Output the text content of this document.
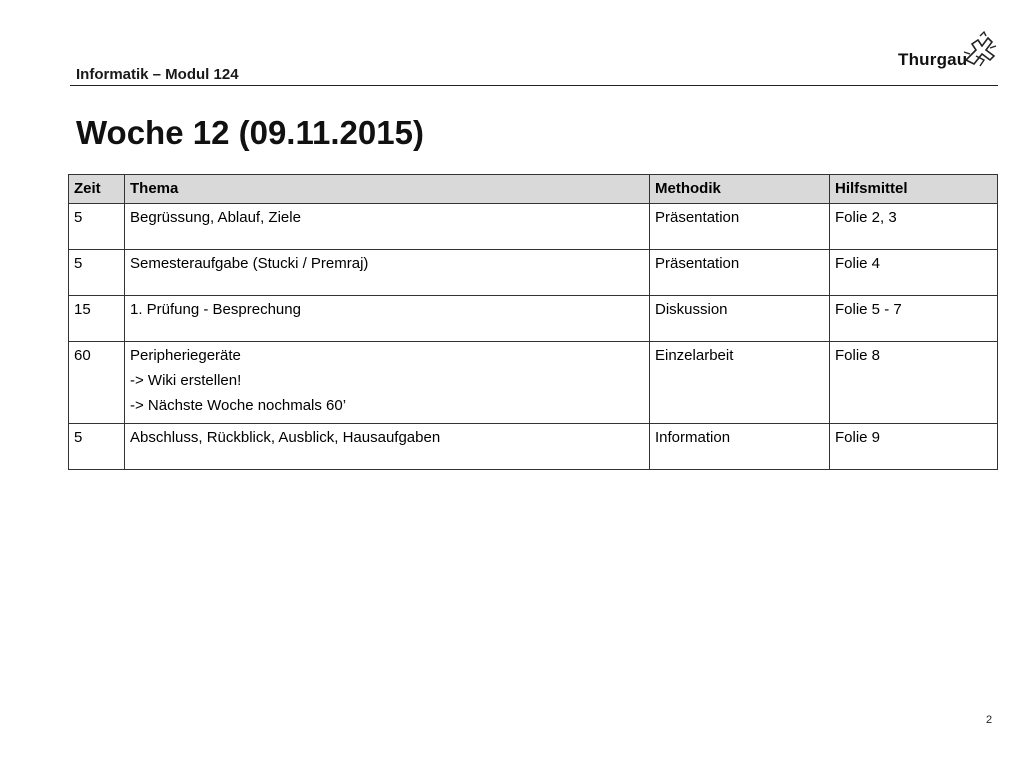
Informatik – Modul 124
Thurgau
Woche 12 (09.11.2015)
Zeit	Thema	Methodik	Hilfsmittel
5	Begrüssung, Ablauf, Ziele	Präsentation	Folie 2, 3
5	Semesteraufgabe (Stucki / Premraj)	Präsentation	Folie 4
15	1. Prüfung - Besprechung	Diskussion	Folie 5 - 7
60	Peripheriegeräte
-> Wiki erstellen!
-> Nächste Woche nochmals 60’	Einzelarbeit	Folie 8
5	Abschluss, Rückblick, Ausblick, Hausaufgaben	Information	Folie 9
2
